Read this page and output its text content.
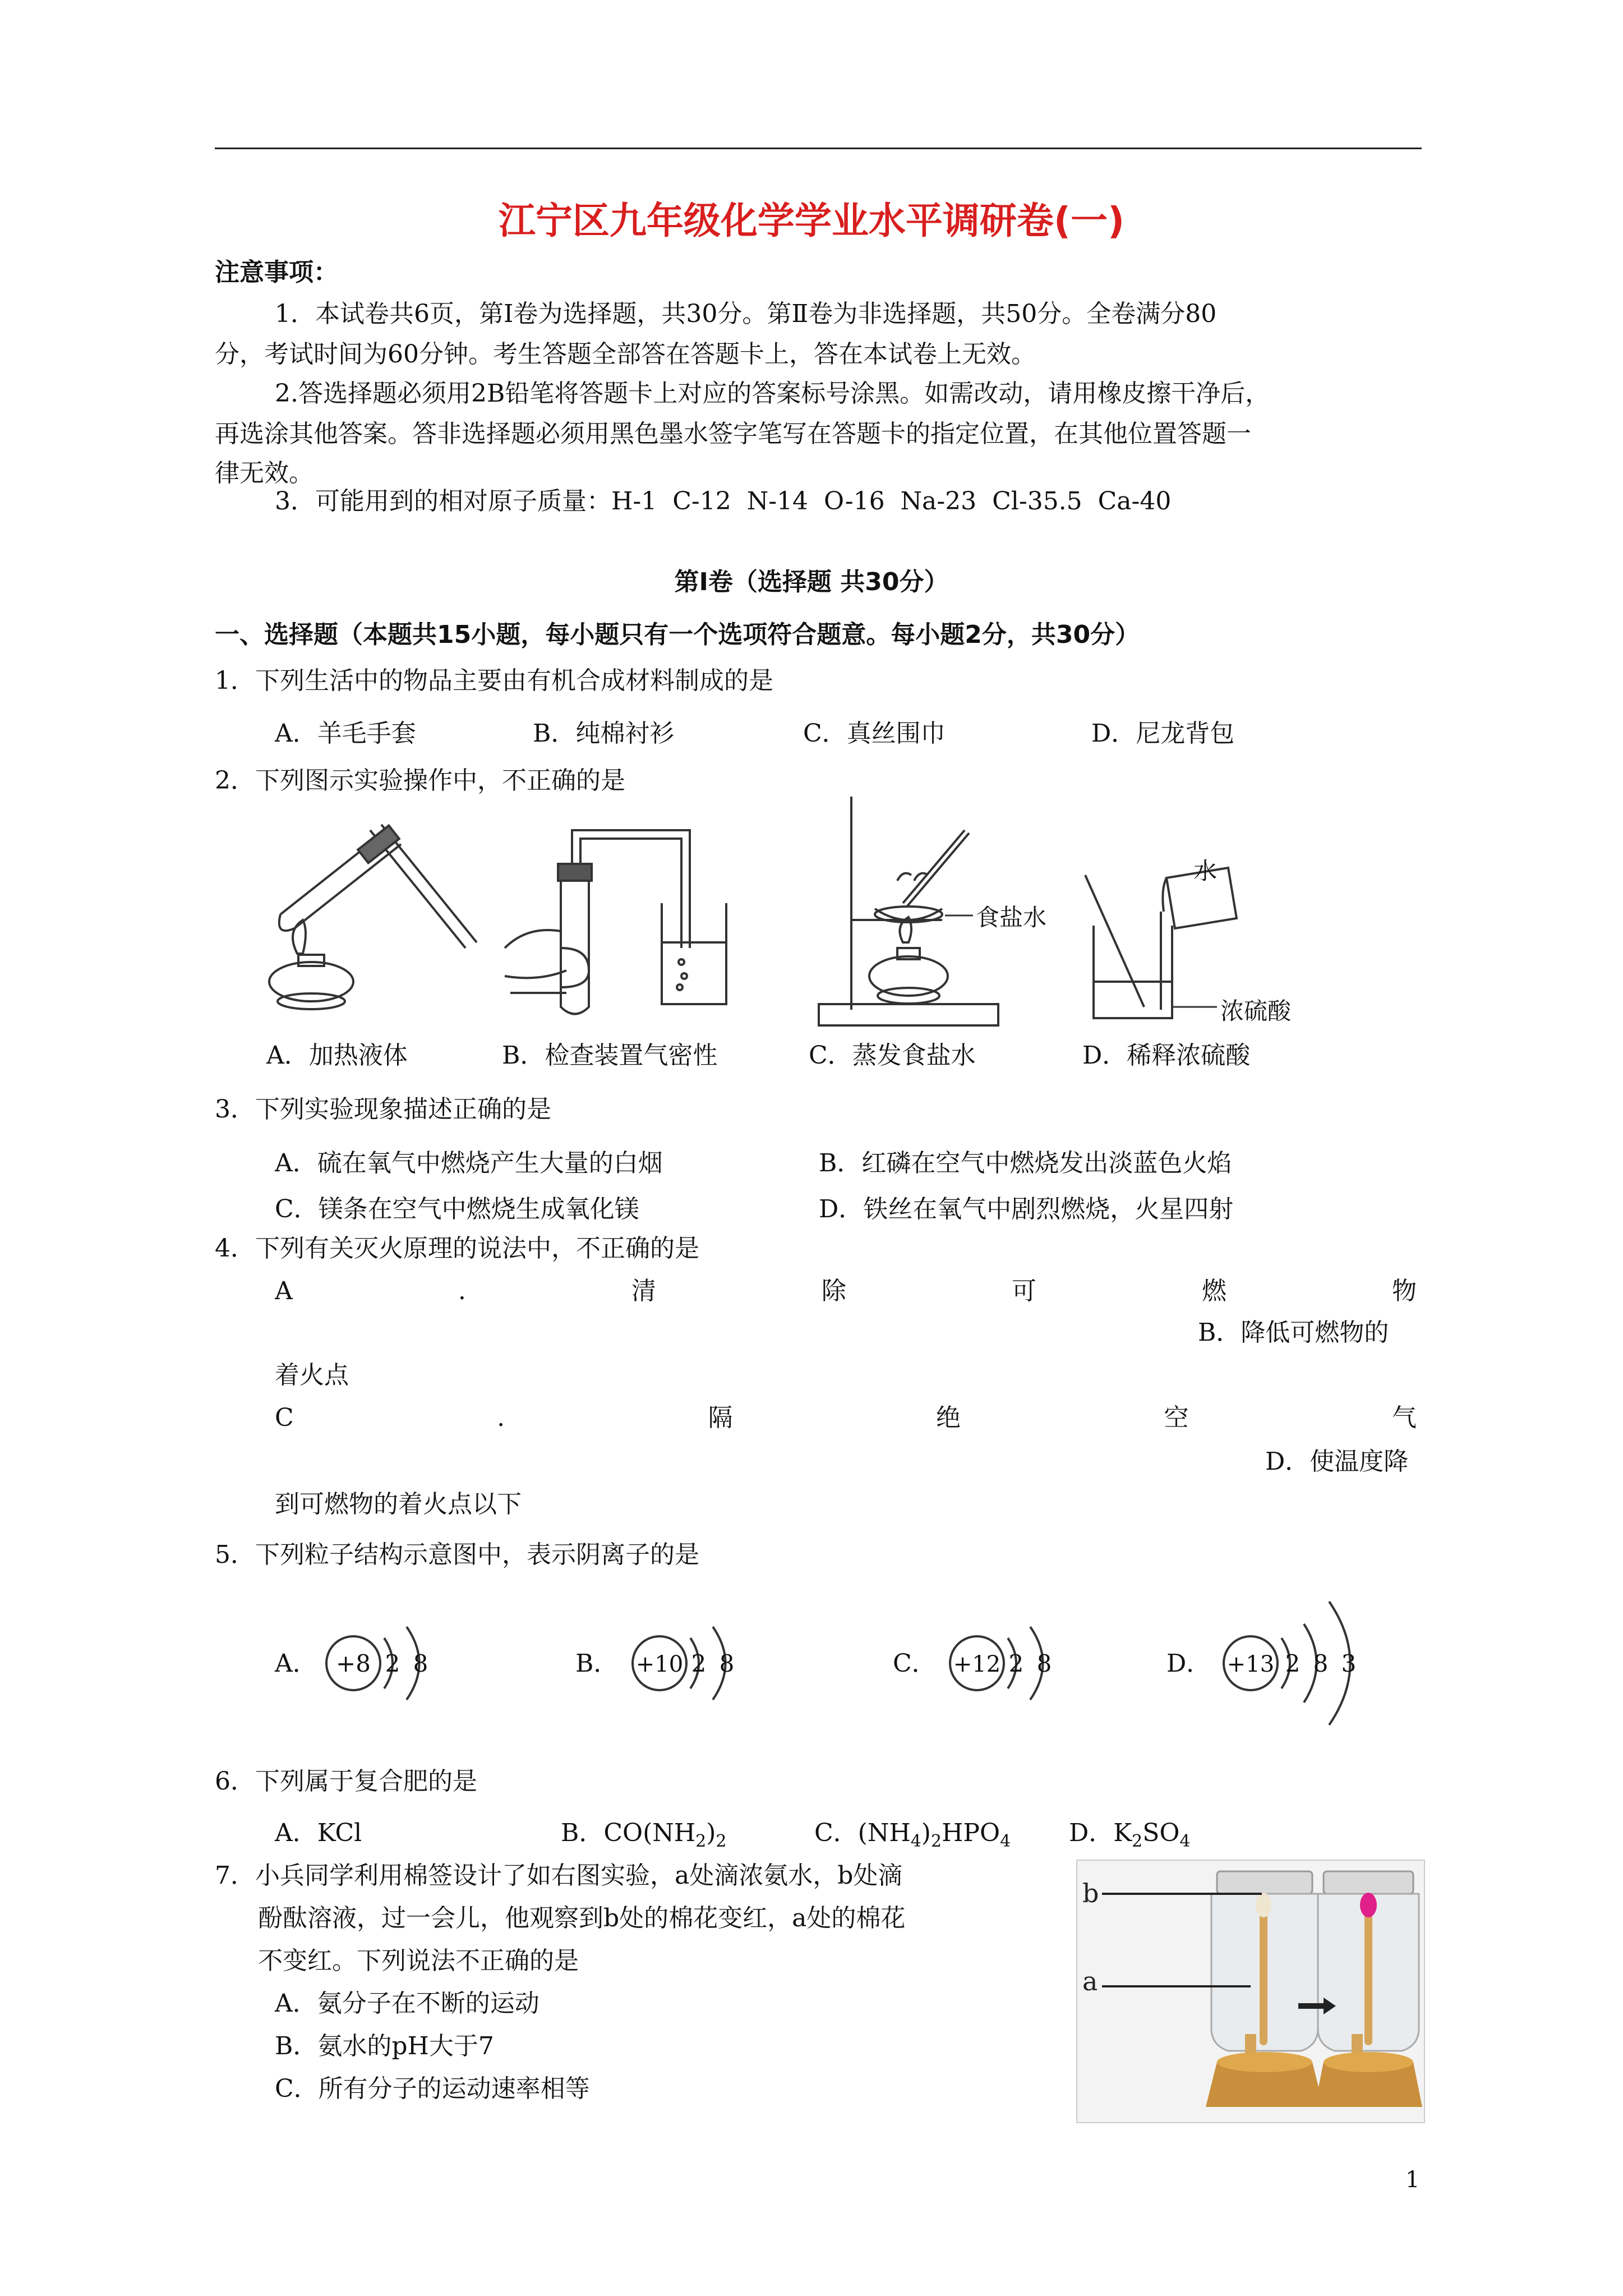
江宁区九年级化学学业水平调研卷(一)
注意事项：
1．本试卷共6页，第Ⅰ卷为选择题，共30分。第Ⅱ卷为非选择题，共50分。全卷满分80
分，考试时间为60分钟。考生答题全部答在答题卡上，答在本试卷上无效。
2.答选择题必须用2B铅笔将答题卡上对应的答案标号涂黑。如需改动，请用橡皮擦干净后，
再选涂其他答案。答非选择题必须用黑色墨水签字笔写在答题卡的指定位置，在其他位置答题一
律无效。
3．可能用到的相对原子质量：H-1  C-12  N-14  O-16  Na-23  Cl-35.5  Ca-40
第Ⅰ卷（选择题 共30分）
一、选择题（本题共15小题，每小题只有一个选项符合题意。每小题2分，共30分）
1．下列生活中的物品主要由有机合成材料制成的是
A．羊毛手套	B．纯棉衬衫	C．真丝围巾	D．尼龙背包
2．下列图示实验操作中，不正确的是
食盐水
水
浓硫酸
A．加热液体	B．检查装置气密性	C．蒸发食盐水	D．稀释浓硫酸
3．下列实验现象描述正确的是
A．硫在氧气中燃烧产生大量的白烟	B．红磷在空气中燃烧发出淡蓝色火焰
C．镁条在空气中燃烧生成氧化镁	D．铁丝在氧气中剧烈燃烧，火星四射
4．下列有关灭火原理的说法中，不正确的是
A	.	清	除	可	燃	物
B．降低可燃物的
着火点
C	.	隔	绝	空	气
D．使温度降
到可燃物的着火点以下
5．下列粒子结构示意图中，表示阴离子的是
A． +8 2 8	B． +10 2 8	C． +12 2 8	D． +13 2 8 3
6．下列属于复合肥的是
A．KCl	B．$CO(NH_2)_2$	C．$(NH_4)_2HPO_4$ D．$K_2SO_4$
7．小兵同学利用棉签设计了如右图实验，a处滴浓氨水，b处滴
酚酞溶液，过一会儿，他观察到b处的棉花变红，a处的棉花
不变红。下列说法不正确的是
A．氨分子在不断的运动
B．氨水的pH大于7
C．所有分子的运动速率相等
b
a
1
